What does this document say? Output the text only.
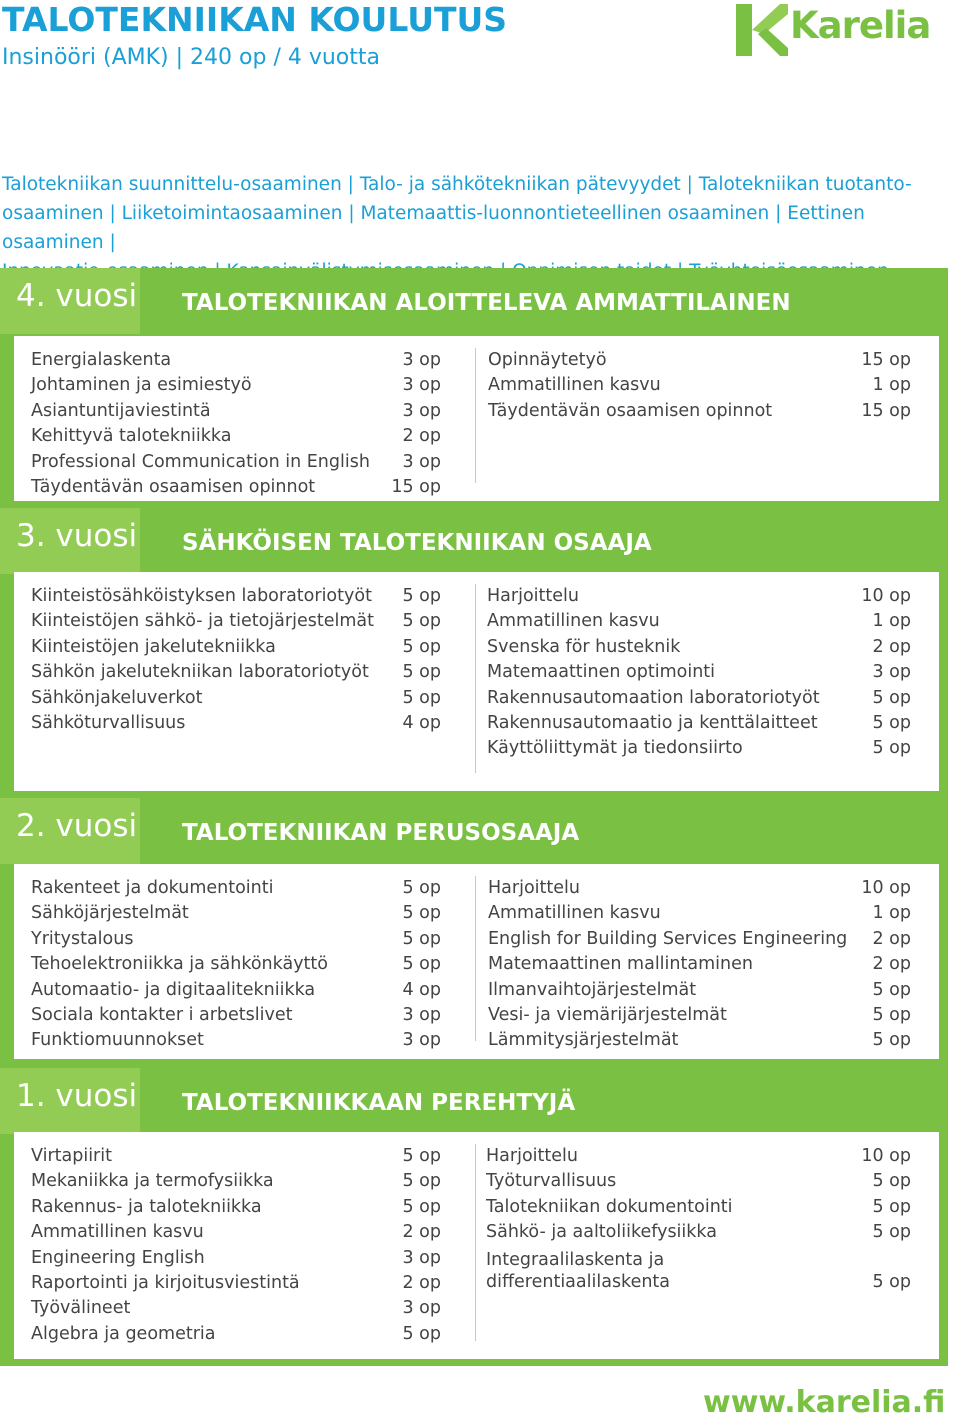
TALOTEKNIIKAN KOULUTUS
Insinööri (AMK) | 240 op / 4 vuotta
Karelia
Talotekniikan suunnittelu-osaaminen | Talo- ja sähkötekniikan pätevyydet | Talotekniikan tuotanto-
osaaminen | Liiketoimintaosaaminen | Matemaattis-luonnontieteellinen osaaminen | Eettinen osaaminen |
4. vuosi TALOTEKNIIKAN ALOITTELEVA AMMATTILAINEN
Energialaskenta	3 op
Johtaminen ja esimiestyö	3 op
Asiantuntijaviestintä	3 op
Kehittyvä talotekniikka	2 op
Professional Communication in English 3 op
Täydentävän osaamisen opinnot	15 op
Opinnäytetyö	15 op
Ammatillinen kasvu	1 op
Täydentävän osaamisen opinnot	15 op
3. vuosi SÄHKÖISEN TALOTEKNIIKAN OSAAJA
Kiinteistösähköistyksen laboratoriotyöt 5 op
Kiinteistöjen sähkö- ja tietojärjestelmät 5 op
Kiinteistöjen jakelutekniikka	5 op
Sähkön jakelutekniikan laboratoriotyöt 5 op
Sähkönjakeluverkot	5 op
Sähköturvallisuus	4 op
Harjoittelu	10 op
Ammatillinen kasvu	1 op
Svenska för husteknik	2 op
Matemaattinen optimointi	3 op
Rakennusautomaation laboratoriotyöt	5 op
Rakennusautomaatio ja kenttälaitteet	5 op
Käyttöliittymät ja tiedonsiirto	5 op
2. vuosi TALOTEKNIIKAN PERUSOSAAJA
Rakenteet ja dokumentointi	5 op
Sähköjärjestelmät	5 op
Yritystalous	5 op
Tehoelektroniikka ja sähkönkäyttö	5 op
Automaatio- ja digitaalitekniikka	4 op
Sociala kontakter i arbetslivet	3 op
Funktiomuunnokset	3 op
Harjoittelu	10 op
Ammatillinen kasvu	1 op
English for Building Services Engineering 2 op
Matemaattinen mallintaminen	2 op
Ilmanvaihtojärjestelmät	5 op
Vesi- ja viemärijärjestelmät	5 op
Lämmitysjärjestelmät	5 op
1. vuosi TALOTEKNIIKKAAN PEREHTYJÄ
Virtapiirit	5 op
Mekaniikka ja termofysiikka	5 op
Rakennus- ja talotekniikka	5 op
Ammatillinen kasvu	2 op
Engineering English	3 op
Raportointi ja kirjoitusviestintä	2 op
Työvälineet	3 op
Algebra ja geometria	5 op
Harjoittelu	10 op
Työturvallisuus	5 op
Talotekniikan dokumentointi	5 op
Sähkö- ja aaltoliikefysiikka	5 op
Integraalilaskenta ja differentiaalilaskenta	5 op
www.karelia.fi
